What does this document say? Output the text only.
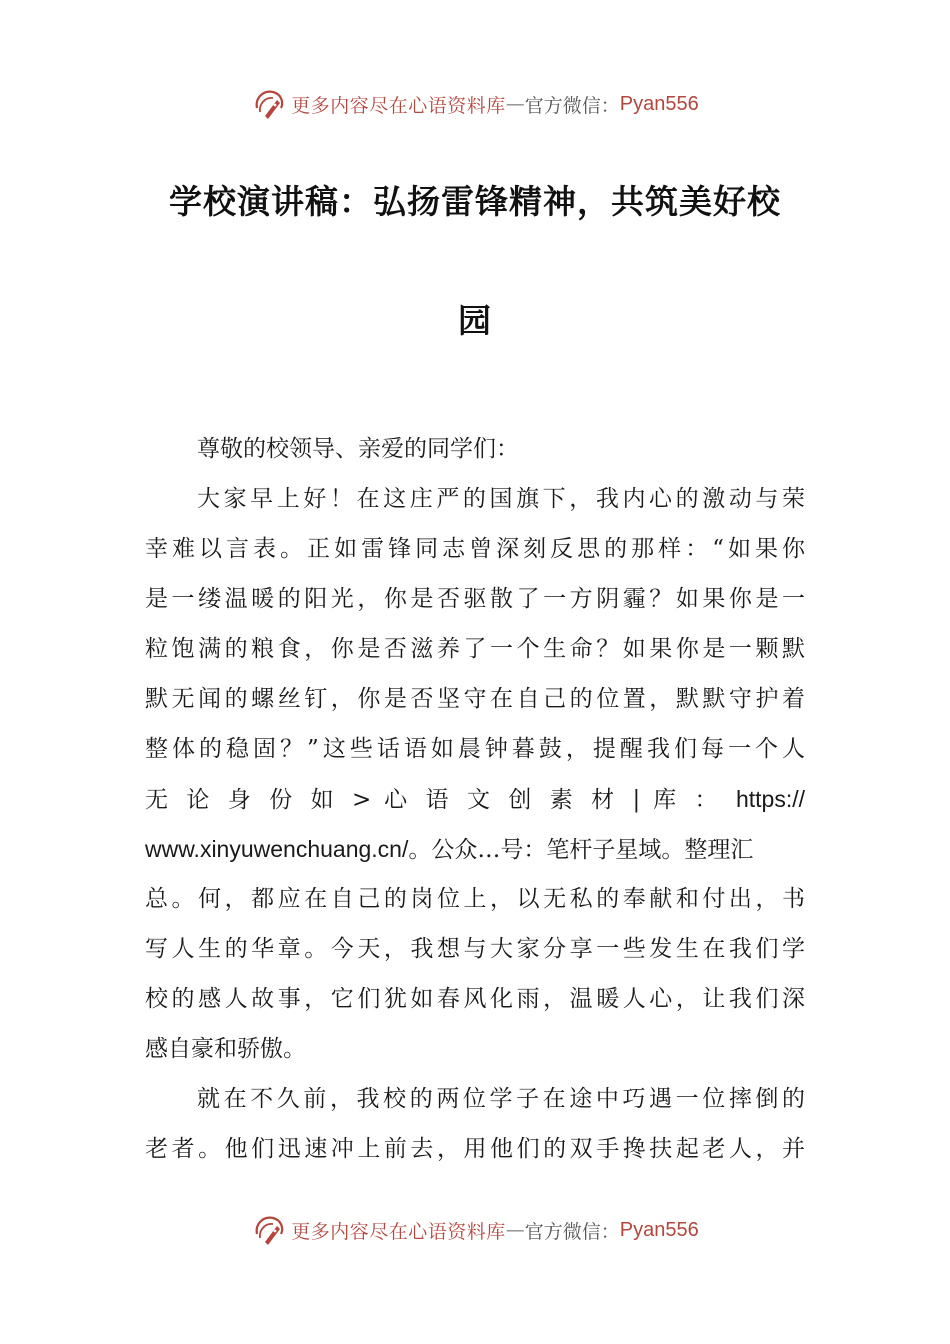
更多内容尽在心语资料库 — 官方微信： Pyan556
学校演讲稿：弘扬雷锋精神，共筑美好校
园
尊敬的校领导、亲爱的同学们：
大家早上好！在这庄严的国旗下，我内心的激动与荣
幸难以言表。正如雷锋同志曾深刻反思的那样：“如果你
是一缕温暖的阳光，你是否驱散了一方阴霾？如果你是一
粒饱满的粮食，你是否滋养了一个生命？如果你是一颗默
默无闻的螺丝钉，你是否坚守在自己的位置，默默守护着
整体的稳固？”这些话语如晨钟暮鼓，提醒我们每一个人
无 论 身 份 如 > 心 语 文 创 素 材 | 库 ： https://
www.xinyuwenchuang.cn/。公众…号：笔杆子星域。整理汇
总。何，都应在自己的岗位上，以无私的奉献和付出，书
写人生的华章。今天，我想与大家分享一些发生在我们学
校的感人故事，它们犹如春风化雨，温暖人心，让我们深
感自豪和骄傲。
就在不久前，我校的两位学子在途中巧遇一位摔倒的
老者。他们迅速冲上前去，用他们的双手搀扶起老人，并
更多内容尽在心语资料库 — 官方微信： Pyan556
